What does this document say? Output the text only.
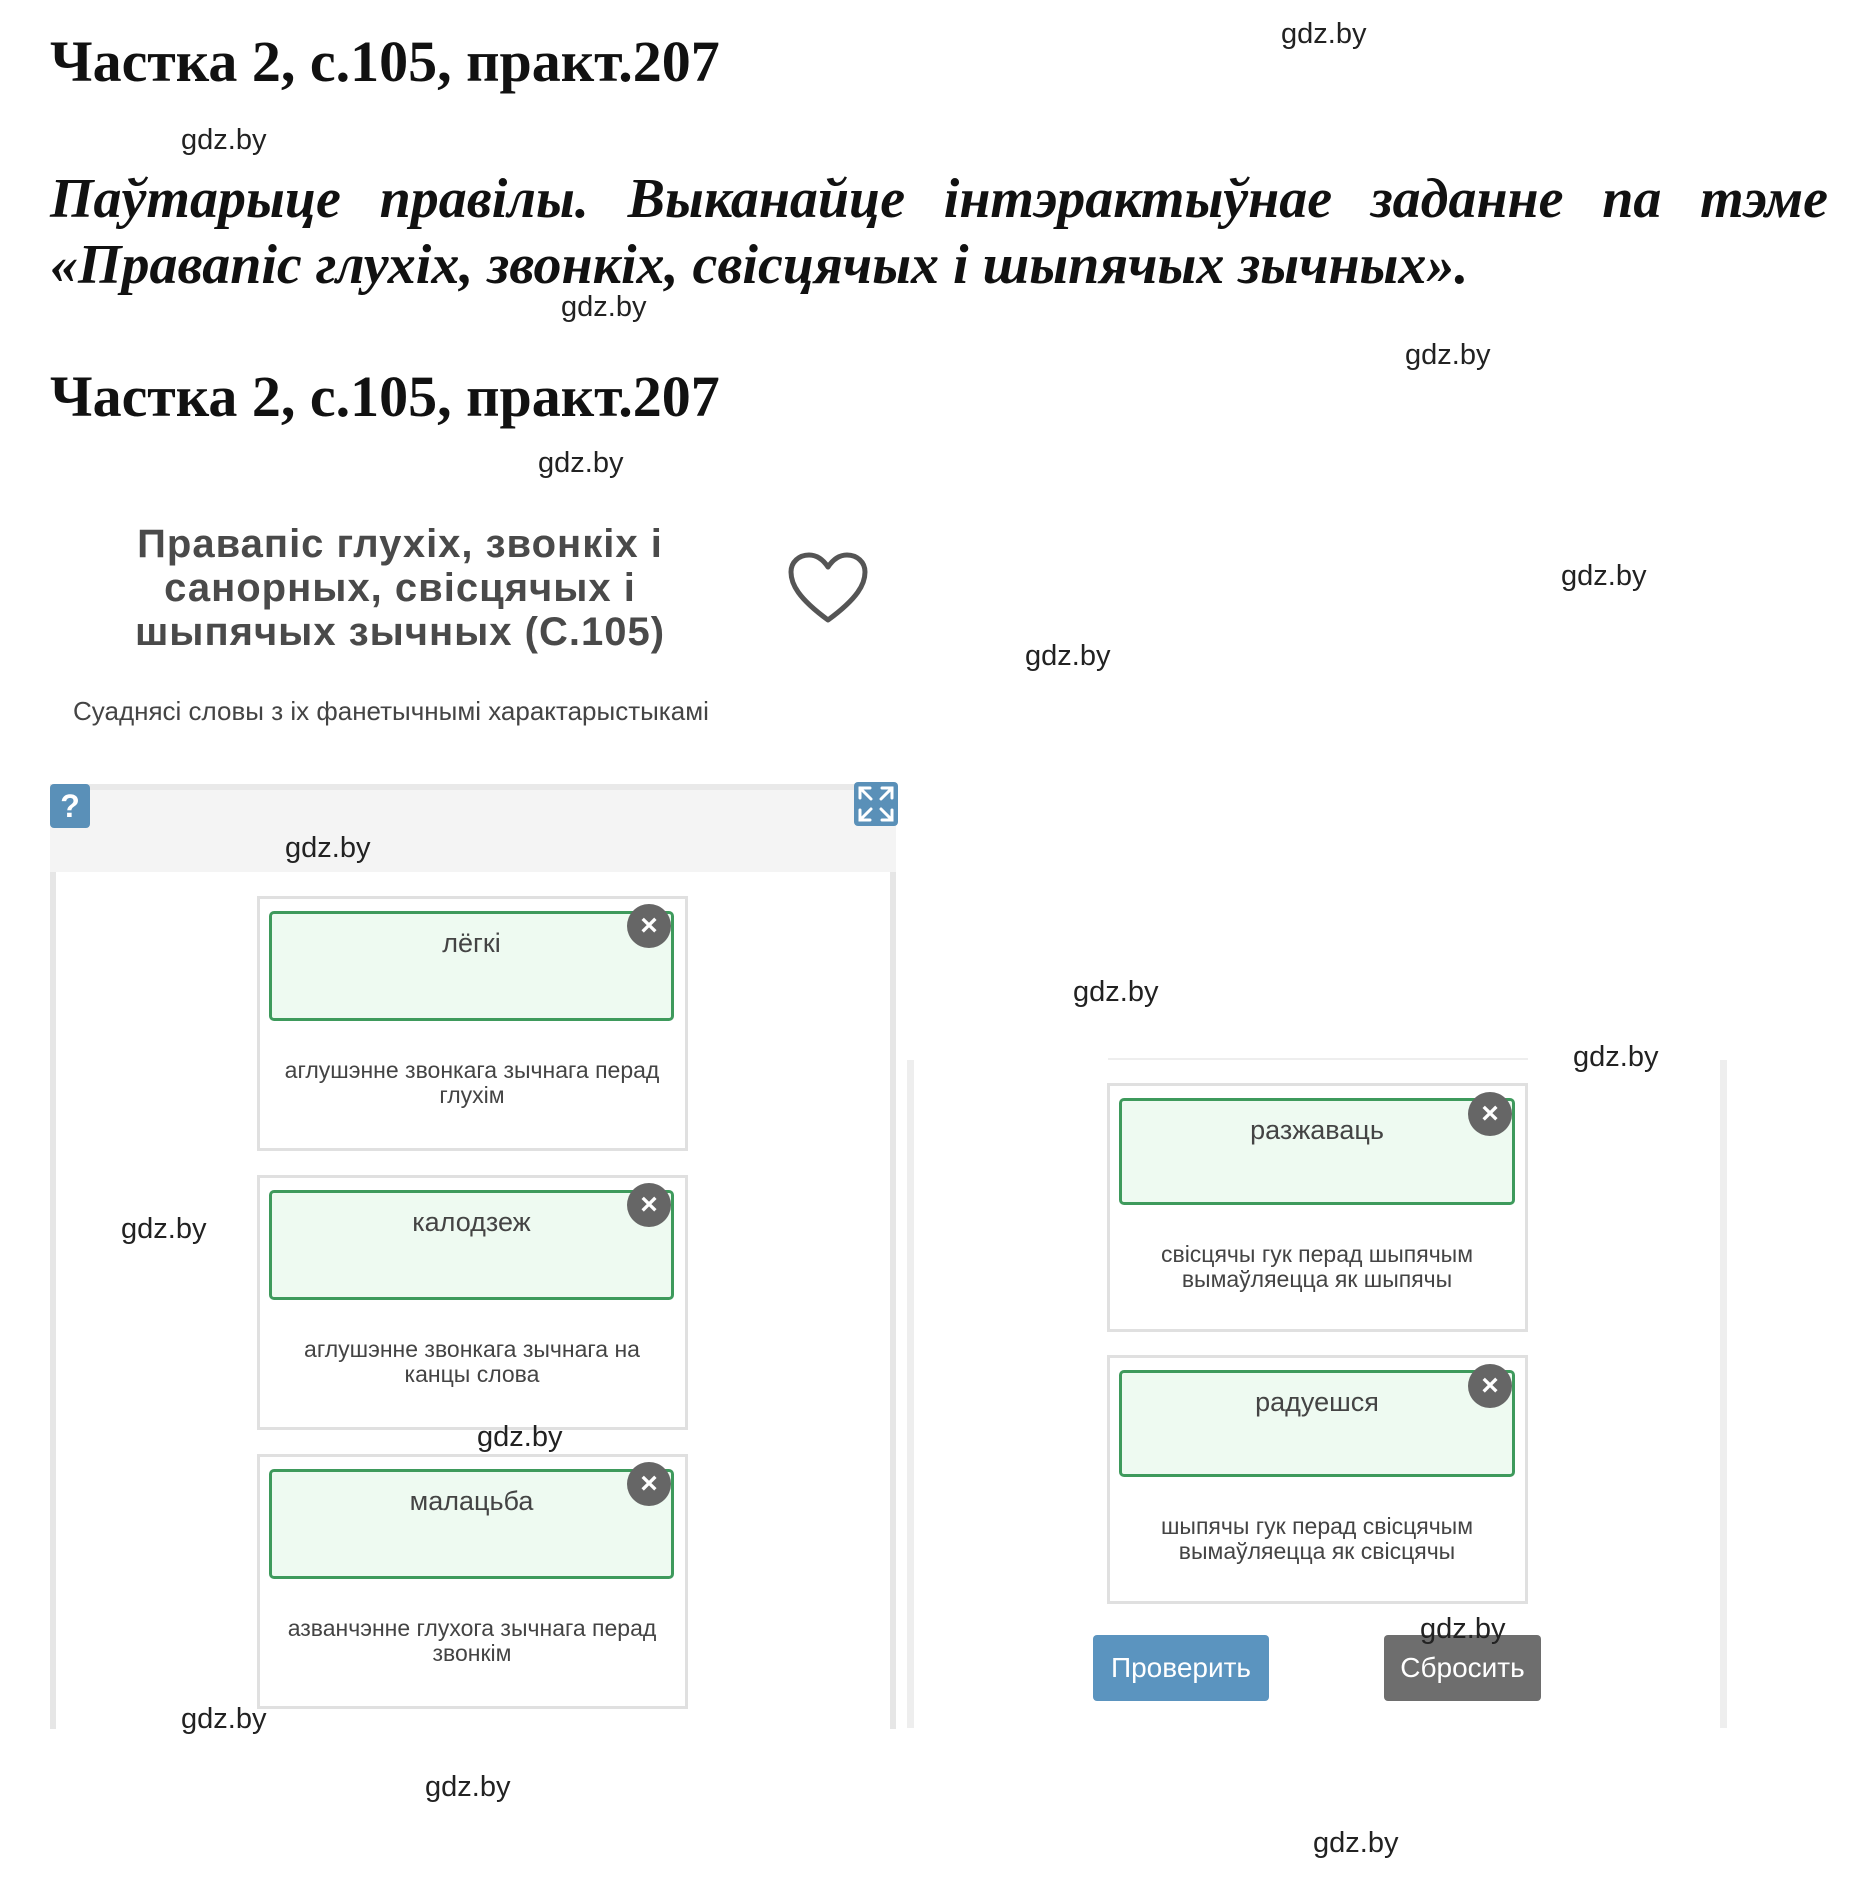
Частка 2, с.105, практ.207
Паўтарыце правілы. Выканайце інтэрактыўнае заданне па тэме
«Правапіс глухіх, звонкіх, свісцячых і шыпячых зычных».
Частка 2, с.105, практ.207
Правапіс глухіх, звонкіх і
санорных, свісцячых і
шыпячых зычных (С.105)
Суаднясі словы з іх фанетычнымі характарыстыкамі
?
лёгкі
×
аглушэнне звонкага зычнага перад глухім
калодзеж
×
аглушэнне звонкага зычнага на канцы слова
малацьба
×
азванчэнне глухога зычнага перад звонкім
разжаваць	×
свісцячы гук перад шыпячым вымаўляецца як шыпячы
радуешся	×
шыпячы гук перад свісцячым вымаўляецца як свісцячы
Проверить	Сбросить
gdz.by
gdz.by
gdz.by
gdz.by
gdz.by
gdz.by
gdz.by
gdz.by
gdz.by
gdz.by
gdz.by
gdz.by
gdz.by
gdz.by
gdz.by
gdz.by
